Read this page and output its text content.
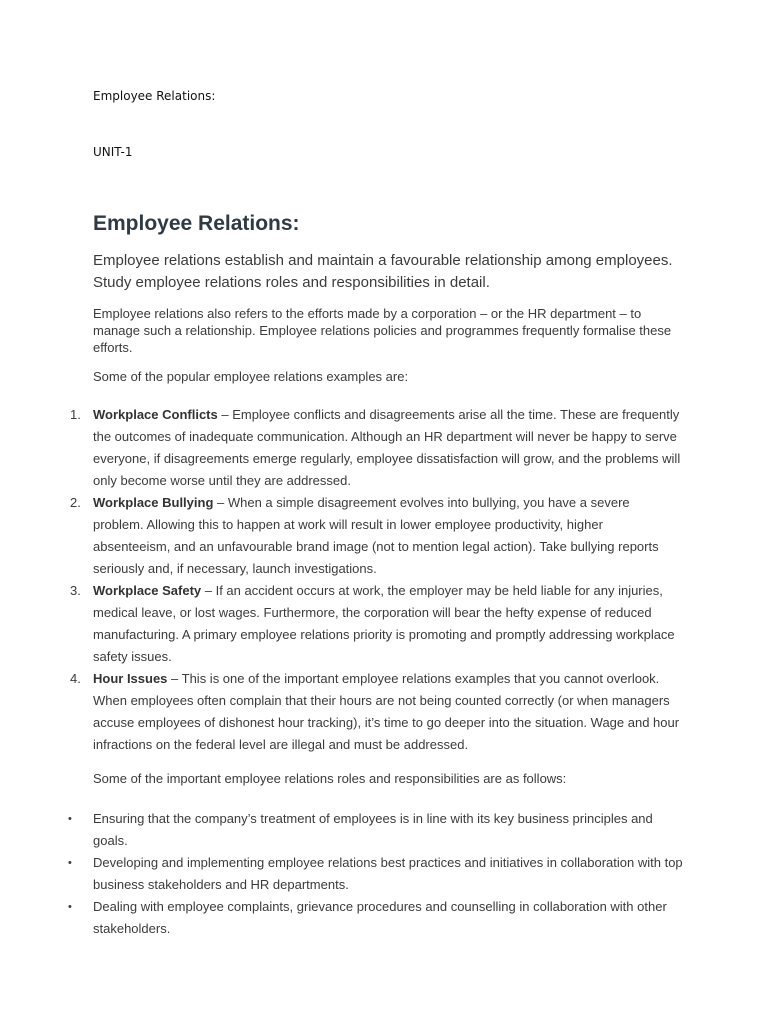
Employee Relations:
UNIT-1
Employee Relations:

Employee relations establish and maintain a favourable relationship among employees. Study employee relations roles and responsibilities in detail.

Employee relations also refers to the efforts made by a corporation – or the HR department – to manage such a relationship. Employee relations policies and programmes frequently formalise these efforts.

Some of the popular employee relations examples are:

1. Workplace Conflicts – Employee conflicts and disagreements arise all the time. These are frequently the outcomes of inadequate communication. Although an HR department will never be happy to serve everyone, if disagreements emerge regularly, employee dissatisfaction will grow, and the problems will only become worse until they are addressed.
2. Workplace Bullying – When a simple disagreement evolves into bullying, you have a severe problem. Allowing this to happen at work will result in lower employee productivity, higher absenteeism, and an unfavourable brand image (not to mention legal action). Take bullying reports seriously and, if necessary, launch investigations.
3. Workplace Safety – If an accident occurs at work, the employer may be held liable for any injuries, medical leave, or lost wages. Furthermore, the corporation will bear the hefty expense of reduced manufacturing. A primary employee relations priority is promoting and promptly addressing workplace safety issues.
4. Hour Issues – This is one of the important employee relations examples that you cannot overlook. When employees often complain that their hours are not being counted correctly (or when managers accuse employees of dishonest hour tracking), it’s time to go deeper into the situation. Wage and hour infractions on the federal level are illegal and must be addressed.

Some of the important employee relations roles and responsibilities are as follows:

• Ensuring that the company’s treatment of employees is in line with its key business principles and goals.
• Developing and implementing employee relations best practices and initiatives in collaboration with top business stakeholders and HR departments.
• Dealing with employee complaints, grievance procedures and counselling in collaboration with other stakeholders.
